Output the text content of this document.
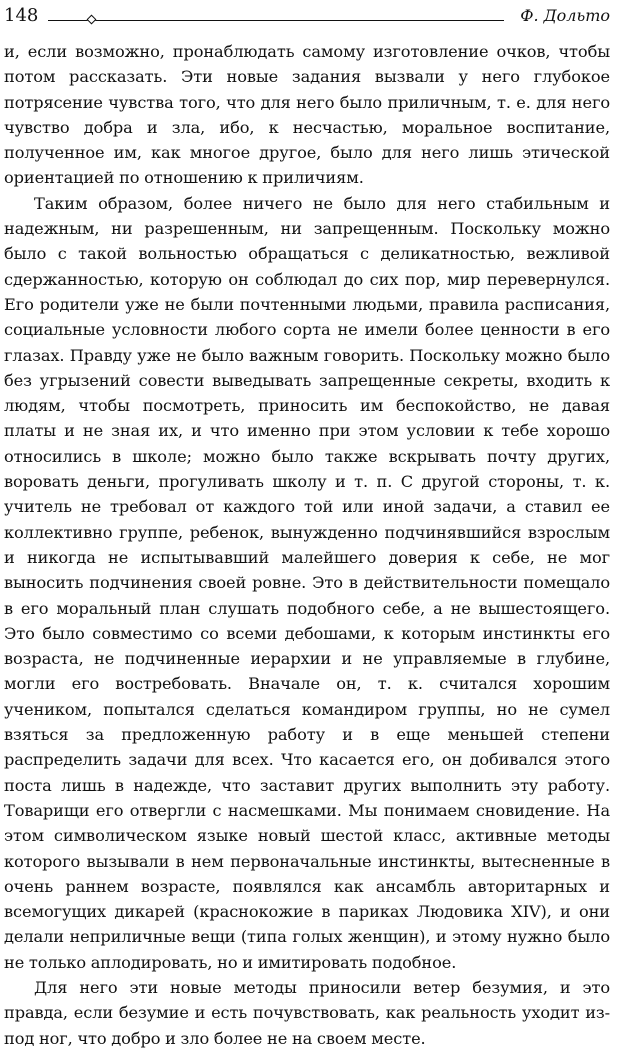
148	Ф. Дольто

и, если возможно, пронаблюдать самому изготовление очков, чтобы потом рассказать. Эти новые задания вызвали у него глубокое потрясение чувства того, что для него было приличным, т. е. для него чувство добра и зла, ибо, к несчастью, моральное воспитание, полученное им, как многое другое, было для него лишь этической ориентацией по отношению к приличиям.

Таким образом, более ничего не было для него стабильным и надежным, ни разрешенным, ни запрещенным. Поскольку можно было с такой вольностью обращаться с деликатностью, вежливой сдержанностью, которую он соблюдал до сих пор, мир перевернулся. Его родители уже не были почтенными людьми, правила расписания, социальные условности любого сорта не имели более ценности в его глазах. Правду уже не было важным говорить. Поскольку можно было без угрызений совести выведывать запрещенные секреты, входить к людям, чтобы посмотреть, приносить им беспокойство, не давая платы и не зная их, и что именно при этом условии к тебе хорошо относились в школе; можно было также вскрывать почту других, воровать деньги, прогуливать школу и т. п. С другой стороны, т. к. учитель не требовал от каждого той или иной задачи, а ставил ее коллективно группе, ребенок, вынужденно подчинявшийся взрослым и никогда не испытывавший малейшего доверия к себе, не мог выносить подчинения своей ровне. Это в действительности помещало в его моральный план слушать подобного себе, а не вышестоящего. Это было совместимо со всеми дебошами, к которым инстинкты его возраста, не подчиненные иерархии и не управляемые в глубине, могли его востребовать. Вначале он, т. к. считался хорошим учеником, попытался сделаться командиром группы, но не сумел взяться за предложенную работу и в еще меньшей степени распределить задачи для всех. Что касается его, он добивался этого поста лишь в надежде, что заставит других выполнить эту работу. Товарищи его отвергли с насмешками. Мы понимаем сновидение. На этом символическом языке новый шестой класс, активные методы которого вызывали в нем первоначальные инстинкты, вытесненные в очень раннем возрасте, появлялся как ансамбль авторитарных и всемогущих дикарей (краснокожие в париках Людовика XIV), и они делали неприличные вещи (типа голых женщин), и этому нужно было не только аплодировать, но и имитировать подобное.

Для него эти новые методы приносили ветер безумия, и это правда, если безумие и есть почувствовать, как реальность уходит из-под ног, что добро и зло более не на своем месте.
